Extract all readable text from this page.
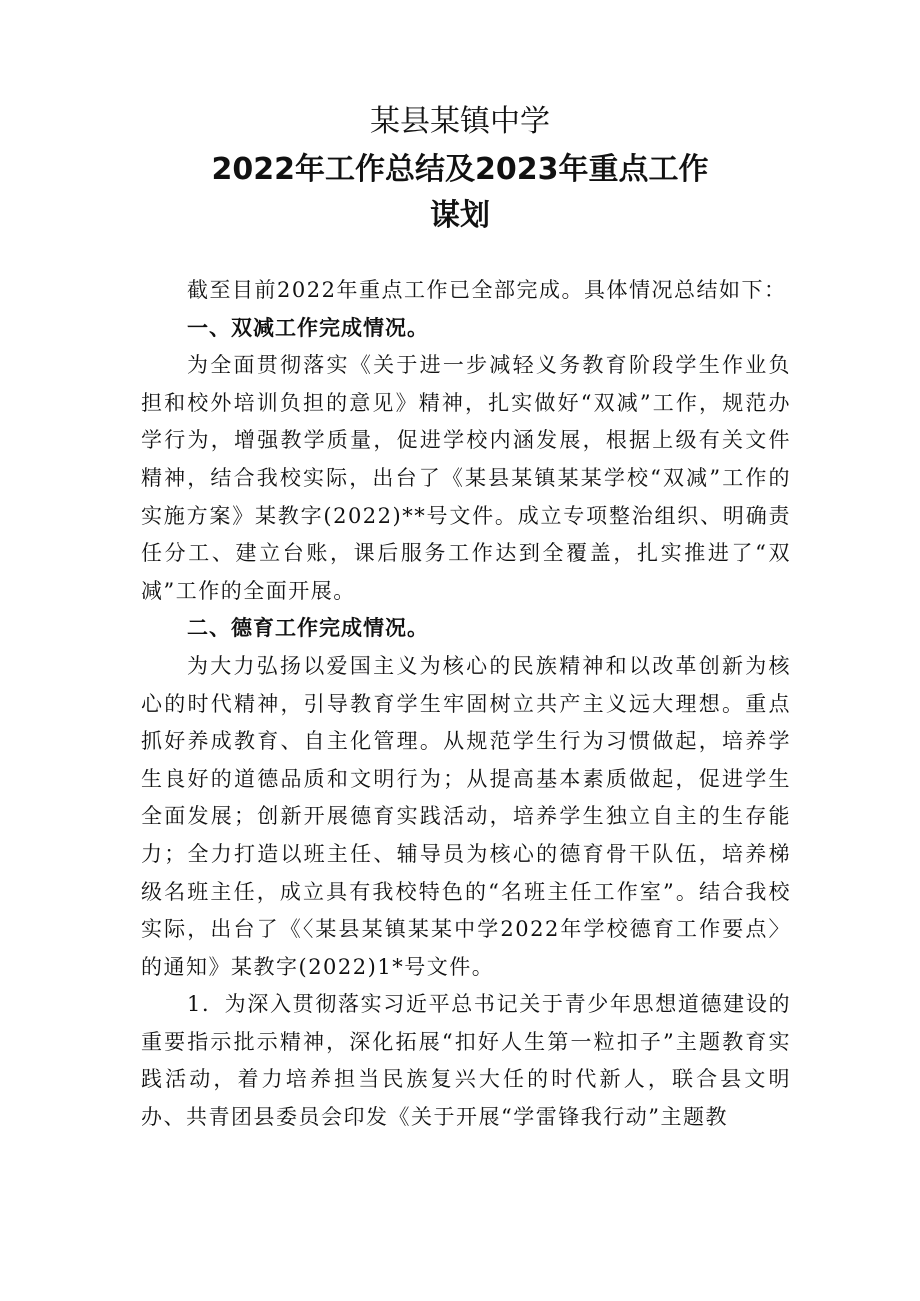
某县某镇中学
2022年工作总结及2023年重点工作
谋划

截至目前2022年重点工作已全部完成。具体情况总结如下：

一、双减工作完成情况。

为全面贯彻落实《关于进一步减轻义务教育阶段学生作业负担和校外培训负担的意见》精神，扎实做好“双减”工作，规范办学行为，增强教学质量，促进学校内涵发展，根据上级有关文件精神，结合我校实际，出台了《某县某镇某某学校“双减”工作的实施方案》某教字(2022)**号文件。成立专项整治组织、明确责任分工、建立台账，课后服务工作达到全覆盖，扎实推进了“双减”工作的全面开展。

二、德育工作完成情况。

为大力弘扬以爱国主义为核心的民族精神和以改革创新为核心的时代精神，引导教育学生牢固树立共产主义远大理想。重点抓好养成教育、自主化管理。从规范学生行为习惯做起，培养学生良好的道德品质和文明行为；从提高基本素质做起，促进学生全面发展；创新开展德育实践活动，培养学生独立自主的生存能力；全力打造以班主任、辅导员为核心的德育骨干队伍，培养梯级名班主任，成立具有我校特色的“名班主任工作室”。结合我校实际，出台了《〈某县某镇某某中学2022年学校德育工作要点〉的通知》某教字(2022)1*号文件。

1．为深入贯彻落实习近平总书记关于青少年思想道德建设的重要指示批示精神，深化拓展“扣好人生第一粒扣子”主题教育实践活动，着力培养担当民族复兴大任的时代新人，联合县文明办、共青团县委员会印发《关于开展“学雷锋我行动”主题教
